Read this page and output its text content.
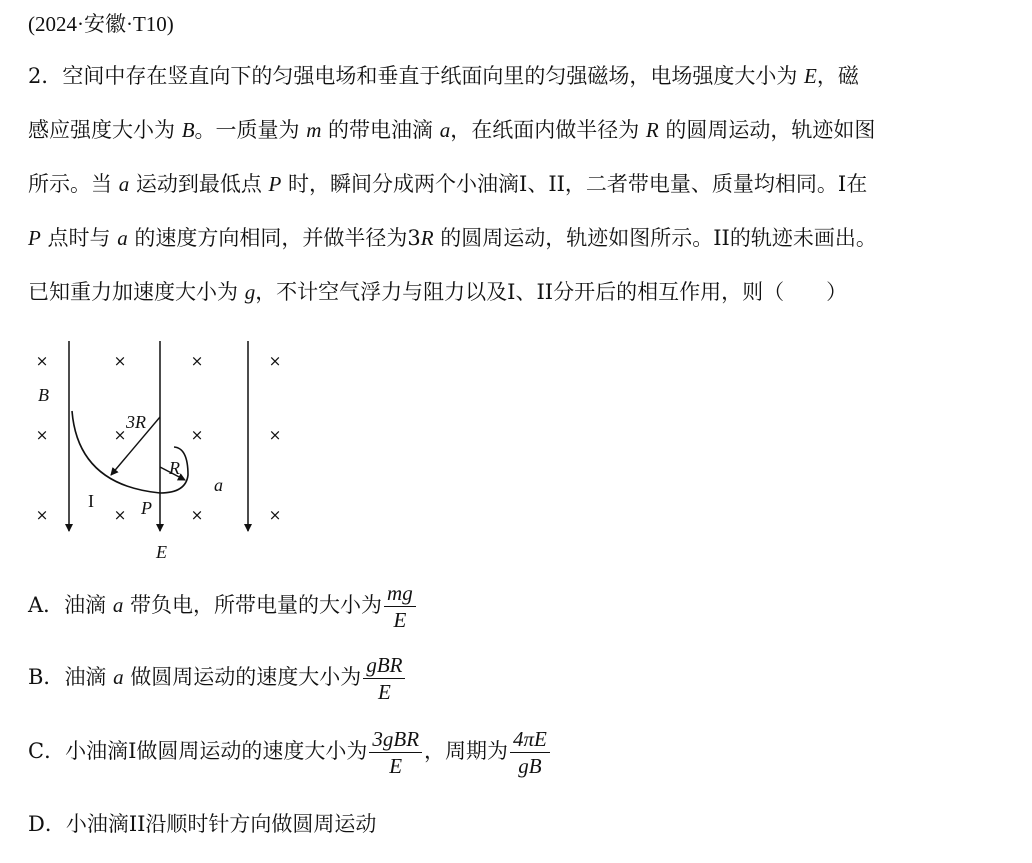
(2024·安徽·T10)
2．空间中存在竖直向下的匀强电场和垂直于纸面向里的匀强磁场，电场强度大小为 E，磁
感应强度大小为 B。一质量为 m 的带电油滴 a，在纸面内做半径为 R 的圆周运动，轨迹如图
所示。当 a 运动到最低点 P 时，瞬间分成两个小油滴I、II，二者带电量、质量均相同。I在
P 点时与 a 的速度方向相同，并做半径为3R 的圆周运动，轨迹如图所示。II的轨迹未画出。
已知重力加速度大小为 g，不计空气浮力与阻力以及I、II分开后的相互作用，则（　　）
×	×	×	×
×	×	×	×
×	×	×	×
B
3R
R
P
a
E
I
A．油滴 a 带负电，所带电量的大小为 $\frac{mg}{E}$
B．油滴 a 做圆周运动的速度大小为 $\frac{\text{gBR}}{E}$
C．小油滴I做圆周运动的速度大小为 $\frac{\text{3gBR}}{E}$ ，周期为 $\frac{4\pi E}{gB}$
D．小油滴II沿顺时针方向做圆周运动
